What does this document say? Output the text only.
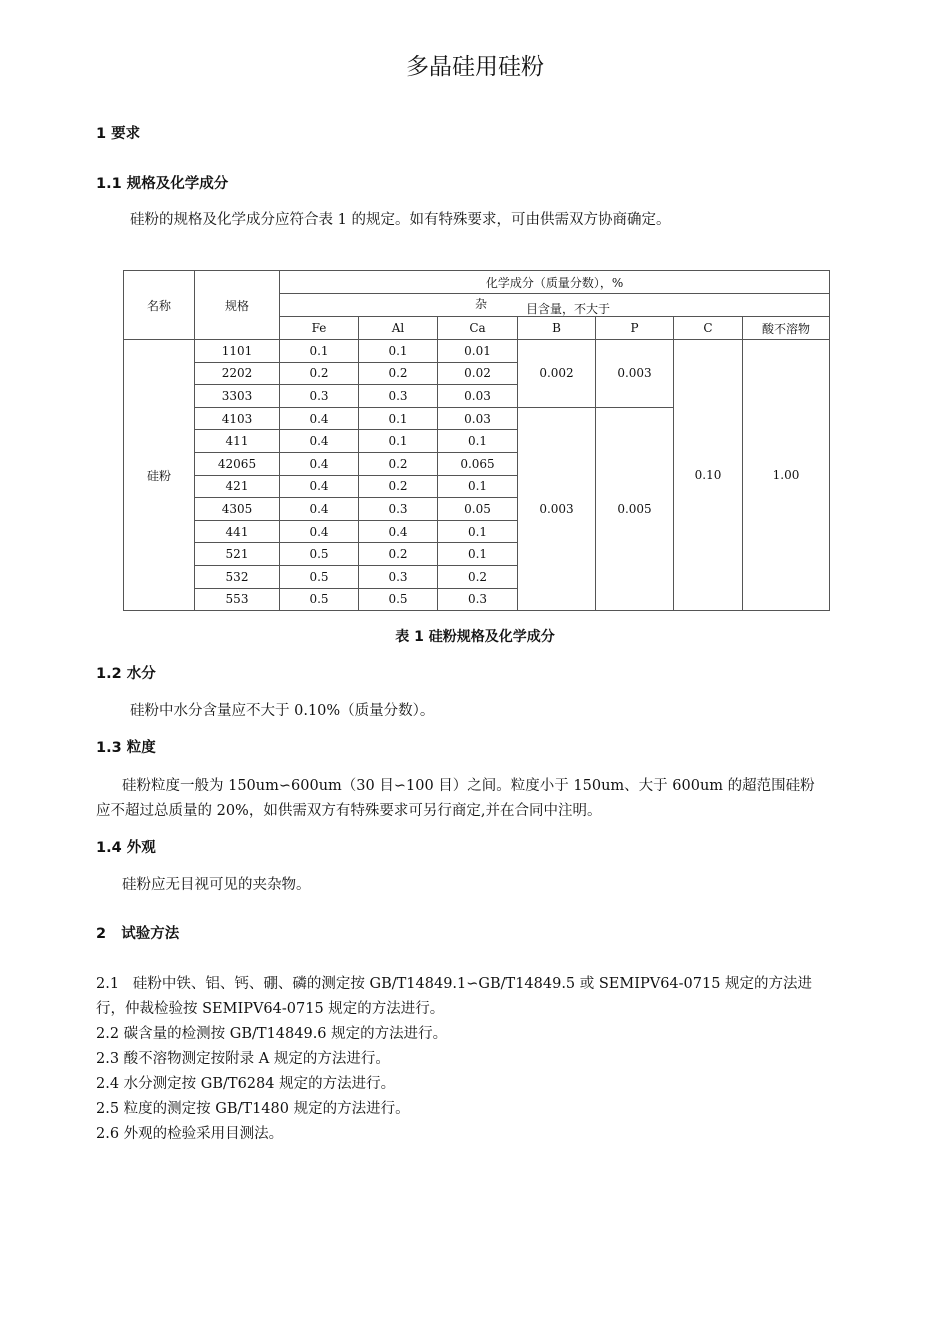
多晶硅用硅粉
1 要求
1.1 规格及化学成分
硅粉的规格及化学成分应符合表 1 的规定。如有特殊要求，可由供需双方协商确定。
名称	规格	化学成分（质量分数），%						

		杂 目含量，不大于						

		Fe	Al	Ca	B	P	C	酸不溶物
硅粉	1101	0.1	0.1	0.01	0.002	0.003	0.10	1.00
	2202	0.2	0.2	0.02				
	3303	0.3	0.3	0.03				
	4103	0.4	0.1	0.03	0.003	0.005		
	411	0.4	0.1	0.1				
	42065	0.4	0.2	0.065				
	421	0.4	0.2	0.1				
	4305	0.4	0.3	0.05				
	441	0.4	0.4	0.1				
	521	0.5	0.2	0.1				
	532	0.5	0.3	0.2				
	553	0.5	0.5	0.3				
表 1 硅粉规格及化学成分
1.2 水分
硅粉中水分含量应不大于 0.10%（质量分数）。
1.3 粒度
硅粉粒度一般为 150um∽600um（30 目∽100 目）之间。粒度小于 150um、大于 600um 的超范围硅粉
应不超过总质量的 20%，如供需双方有特殊要求可另行商定,并在合同中注明。
1.4 外观
硅粉应无目视可见的夹杂物。
2   试验方法
2.1   硅粉中铁、铝、钙、硼、磷的测定按 GB/T14849.1∽GB/T14849.5 或 SEMIPV64-0715 规定的方法进
行，仲裁检验按 SEMIPV64-0715 规定的方法进行。
2.2 碳含量的检测按 GB/T14849.6 规定的方法进行。
2.3 酸不溶物测定按附录 A 规定的方法进行。
2.4 水分测定按 GB/T6284 规定的方法进行。
2.5 粒度的测定按 GB/T1480 规定的方法进行。
2.6 外观的检验采用目测法。
